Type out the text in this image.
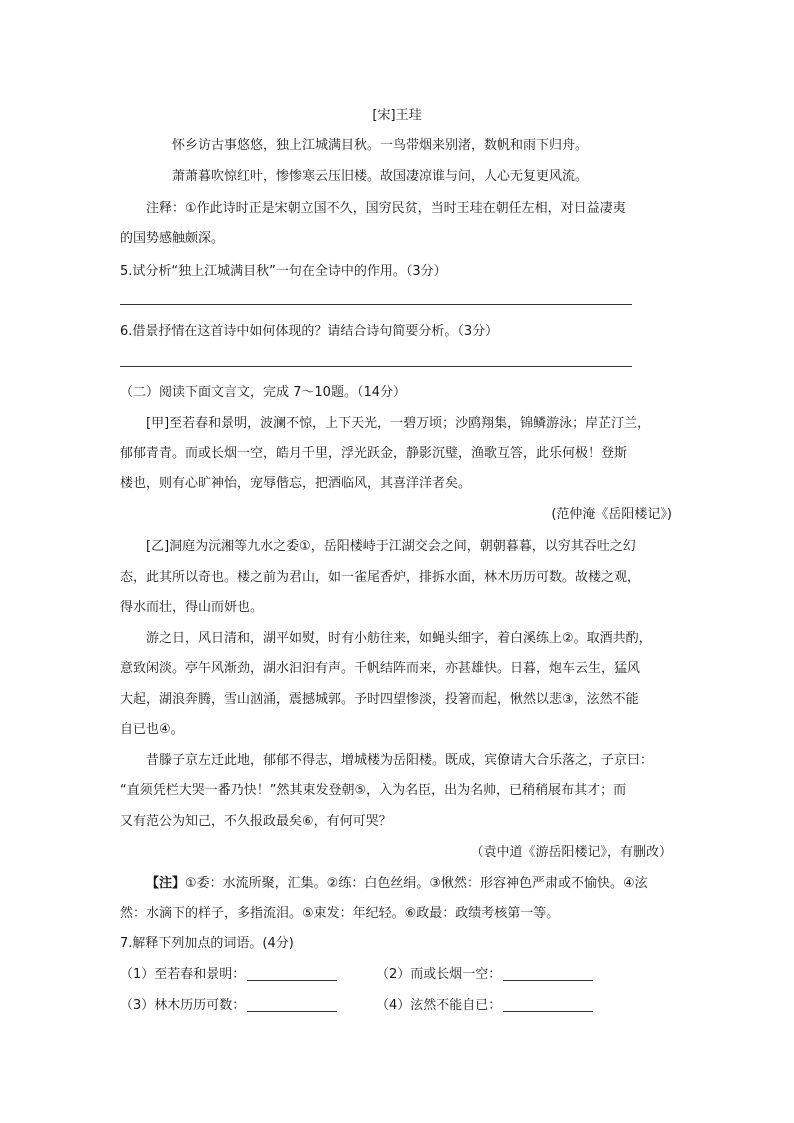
[宋]王珪
怀乡访古事悠悠，独上江城满目秋。一鸟带烟来别渚，数帆和雨下归舟。
萧萧暮吹惊红叶，惨惨寒云压旧楼。故国凄凉谁与问，人心无复更风流。
注释：①作此诗时正是宋朝立国不久，国穷民贫，当时王珪在朝任左相，对日益凄夷
的国势感触颇深。
5.试分析“独上江城满目秋”一句在全诗中的作用。（3分）
6.借景抒情在这首诗中如何体现的？请结合诗句简要分析。（3分）
（二）阅读下面文言文，完成 7～10题。（14分）
[甲]至若春和景明，波澜不惊，上下天光，一碧万顷；沙鸥翔集，锦鳞游泳；岸芷汀兰，
郁郁青青。而或长烟一空，皓月千里，浮光跃金，静影沉璧，渔歌互答，此乐何极！登斯
楼也，则有心旷神怡，宠辱偕忘，把酒临风，其喜洋洋者矣。
(范仲淹《岳阳楼记》)
[乙]洞庭为沅湘等九水之委①，岳阳楼峙于江湖交会之间，朝朝暮暮，以穷其吞吐之幻
态，此其所以奇也。楼之前为君山，如一雀尾香炉，排拆水面，林木历历可数。故楼之观，
得水而壮，得山而妍也。
游之日，风日清和，湖平如熨，时有小舫往来，如蝇头细字，着白溪练上②。取酒共酌，
意致闲淡。亭午风渐劲，湖水汩汩有声。千帆结阵而来，亦甚雄快。日暮，炮车云生，猛风
大起，湖浪奔腾，雪山汹涌，震撼城郭。予时四望惨淡，投箸而起，愀然以悲③，泫然不能
自已也④。
昔滕子京左迁此地，郁郁不得志，增城楼为岳阳楼。既成，宾僚请大合乐落之，子京曰：
“直须凭栏大哭一番乃快！”然其束发登朝⑤，入为名臣，出为名帅，已稍稍展布其才；而
又有范公为知己，不久报政最矣⑥，有何可哭？
（袁中道《游岳阳楼记》，有删改）
【注】①委：水流所聚，汇集。②练：白色丝绢。③愀然：形容神色严肃或不愉快。④泫
然：水滴下的样子，多指流泪。⑤束发：年纪轻。⑥政最：政绩考核第一等。
7.解释下列加点的词语。(4分)
（1）至若春和景明：	（2）而或长烟一空：
（3）林木历历可数：	（4）泫然不能自已：
